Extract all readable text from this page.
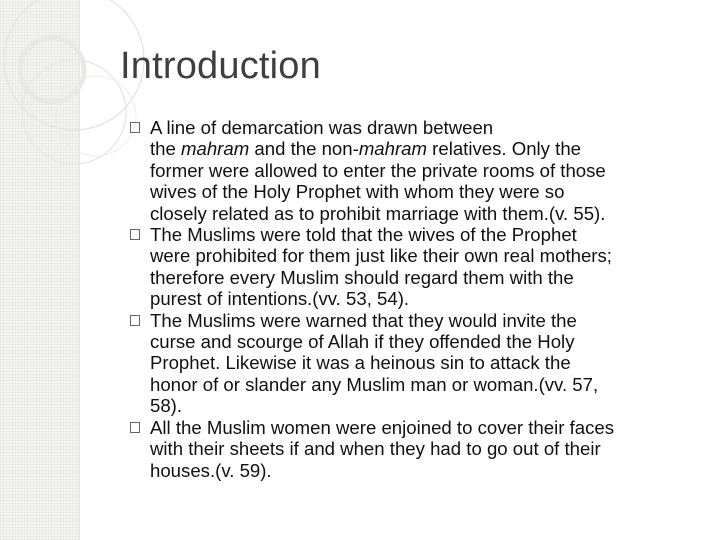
Introduction
A line of demarcation was drawn between
the mahram and the non-mahram relatives. Only the
former were allowed to enter the private rooms of those
wives of the Holy Prophet with whom they were so
closely related as to prohibit marriage with them.(v. 55).
The Muslims were told that the wives of the Prophet
were prohibited for them just like their own real mothers;
therefore every Muslim should regard them with the
purest of intentions.(vv. 53, 54).
The Muslims were warned that they would invite the
curse and scourge of Allah if they offended the Holy
Prophet. Likewise it was a heinous sin to attack the
honor of or slander any Muslim man or woman.(vv. 57,
58).
All the Muslim women were enjoined to cover their faces
with their sheets if and when they had to go out of their
houses.(v. 59).
